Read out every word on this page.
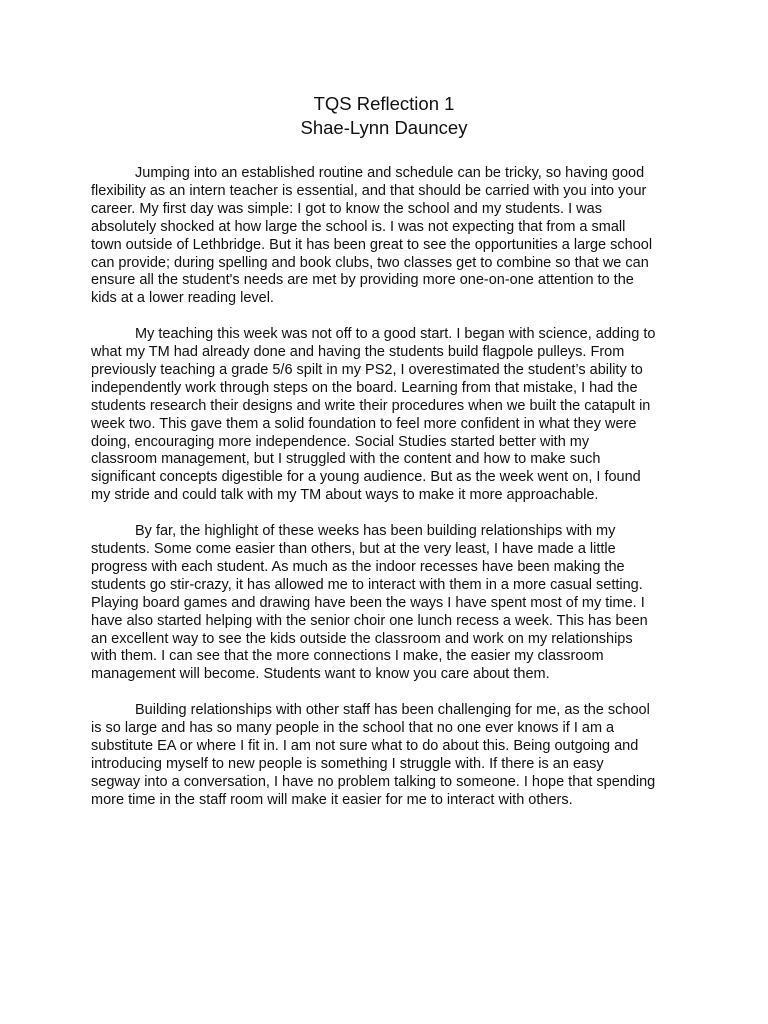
TQS Reflection 1
Shae-Lynn Dauncey
Jumping into an established routine and schedule can be tricky, so having good
flexibility as an intern teacher is essential, and that should be carried with you into your
career. My first day was simple: I got to know the school and my students. I was
absolutely shocked at how large the school is. I was not expecting that from a small
town outside of Lethbridge. But it has been great to see the opportunities a large school
can provide; during spelling and book clubs, two classes get to combine so that we can
ensure all the student's needs are met by providing more one-on-one attention to the
kids at a lower reading level.
My teaching this week was not off to a good start. I began with science, adding to
what my TM had already done and having the students build flagpole pulleys. From
previously teaching a grade 5/6 spilt in my PS2, I overestimated the student’s ability to
independently work through steps on the board. Learning from that mistake, I had the
students research their designs and write their procedures when we built the catapult in
week two. This gave them a solid foundation to feel more confident in what they were
doing, encouraging more independence. Social Studies started better with my
classroom management, but I struggled with the content and how to make such
significant concepts digestible for a young audience. But as the week went on, I found
my stride and could talk with my TM about ways to make it more approachable.
By far, the highlight of these weeks has been building relationships with my
students. Some come easier than others, but at the very least, I have made a little
progress with each student. As much as the indoor recesses have been making the
students go stir-crazy, it has allowed me to interact with them in a more casual setting.
Playing board games and drawing have been the ways I have spent most of my time. I
have also started helping with the senior choir one lunch recess a week. This has been
an excellent way to see the kids outside the classroom and work on my relationships
with them. I can see that the more connections I make, the easier my classroom
management will become. Students want to know you care about them.
Building relationships with other staff has been challenging for me, as the school
is so large and has so many people in the school that no one ever knows if I am a
substitute EA or where I fit in. I am not sure what to do about this. Being outgoing and
introducing myself to new people is something I struggle with. If there is an easy
segway into a conversation, I have no problem talking to someone. I hope that spending
more time in the staff room will make it easier for me to interact with others.
